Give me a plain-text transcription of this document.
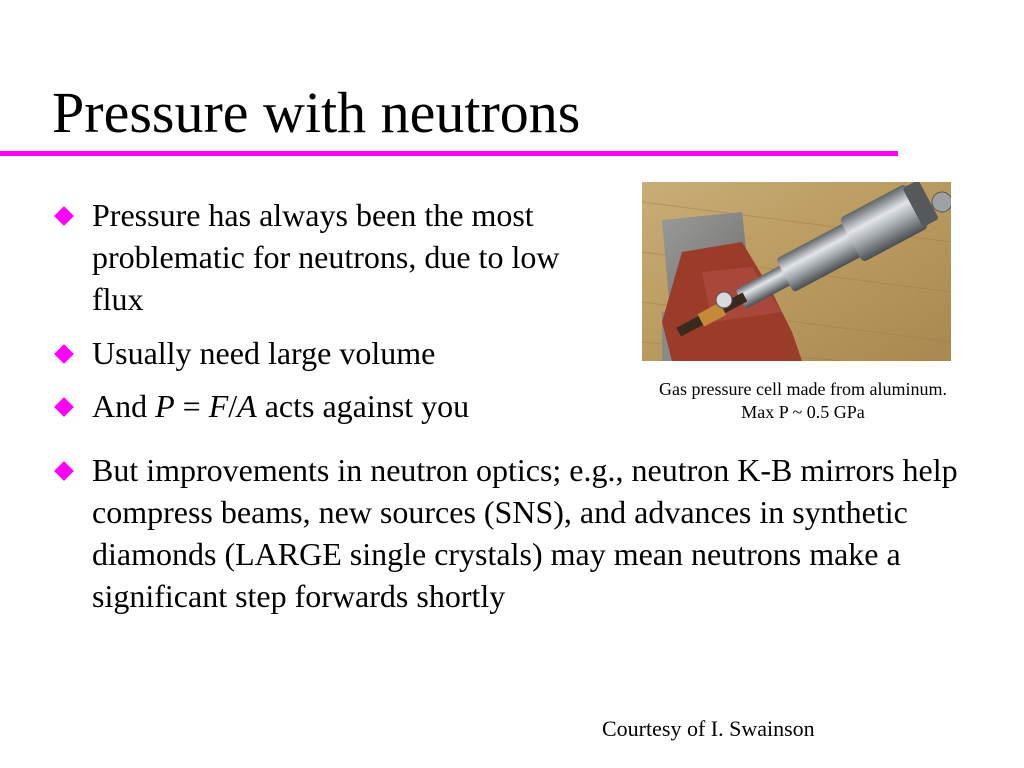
Pressure with neutrons
Pressure has always been the most problematic for neutrons, due to low flux
Usually need large volume
And P = F/A acts against you
But improvements in neutron optics; e.g., neutron K-B mirrors help compress beams, new sources (SNS), and advances in synthetic diamonds (LARGE single crystals) may mean neutrons make a significant step forwards shortly
Gas pressure cell made from aluminum.
Max P ~ 0.5 GPa
Courtesy of I. Swainson
